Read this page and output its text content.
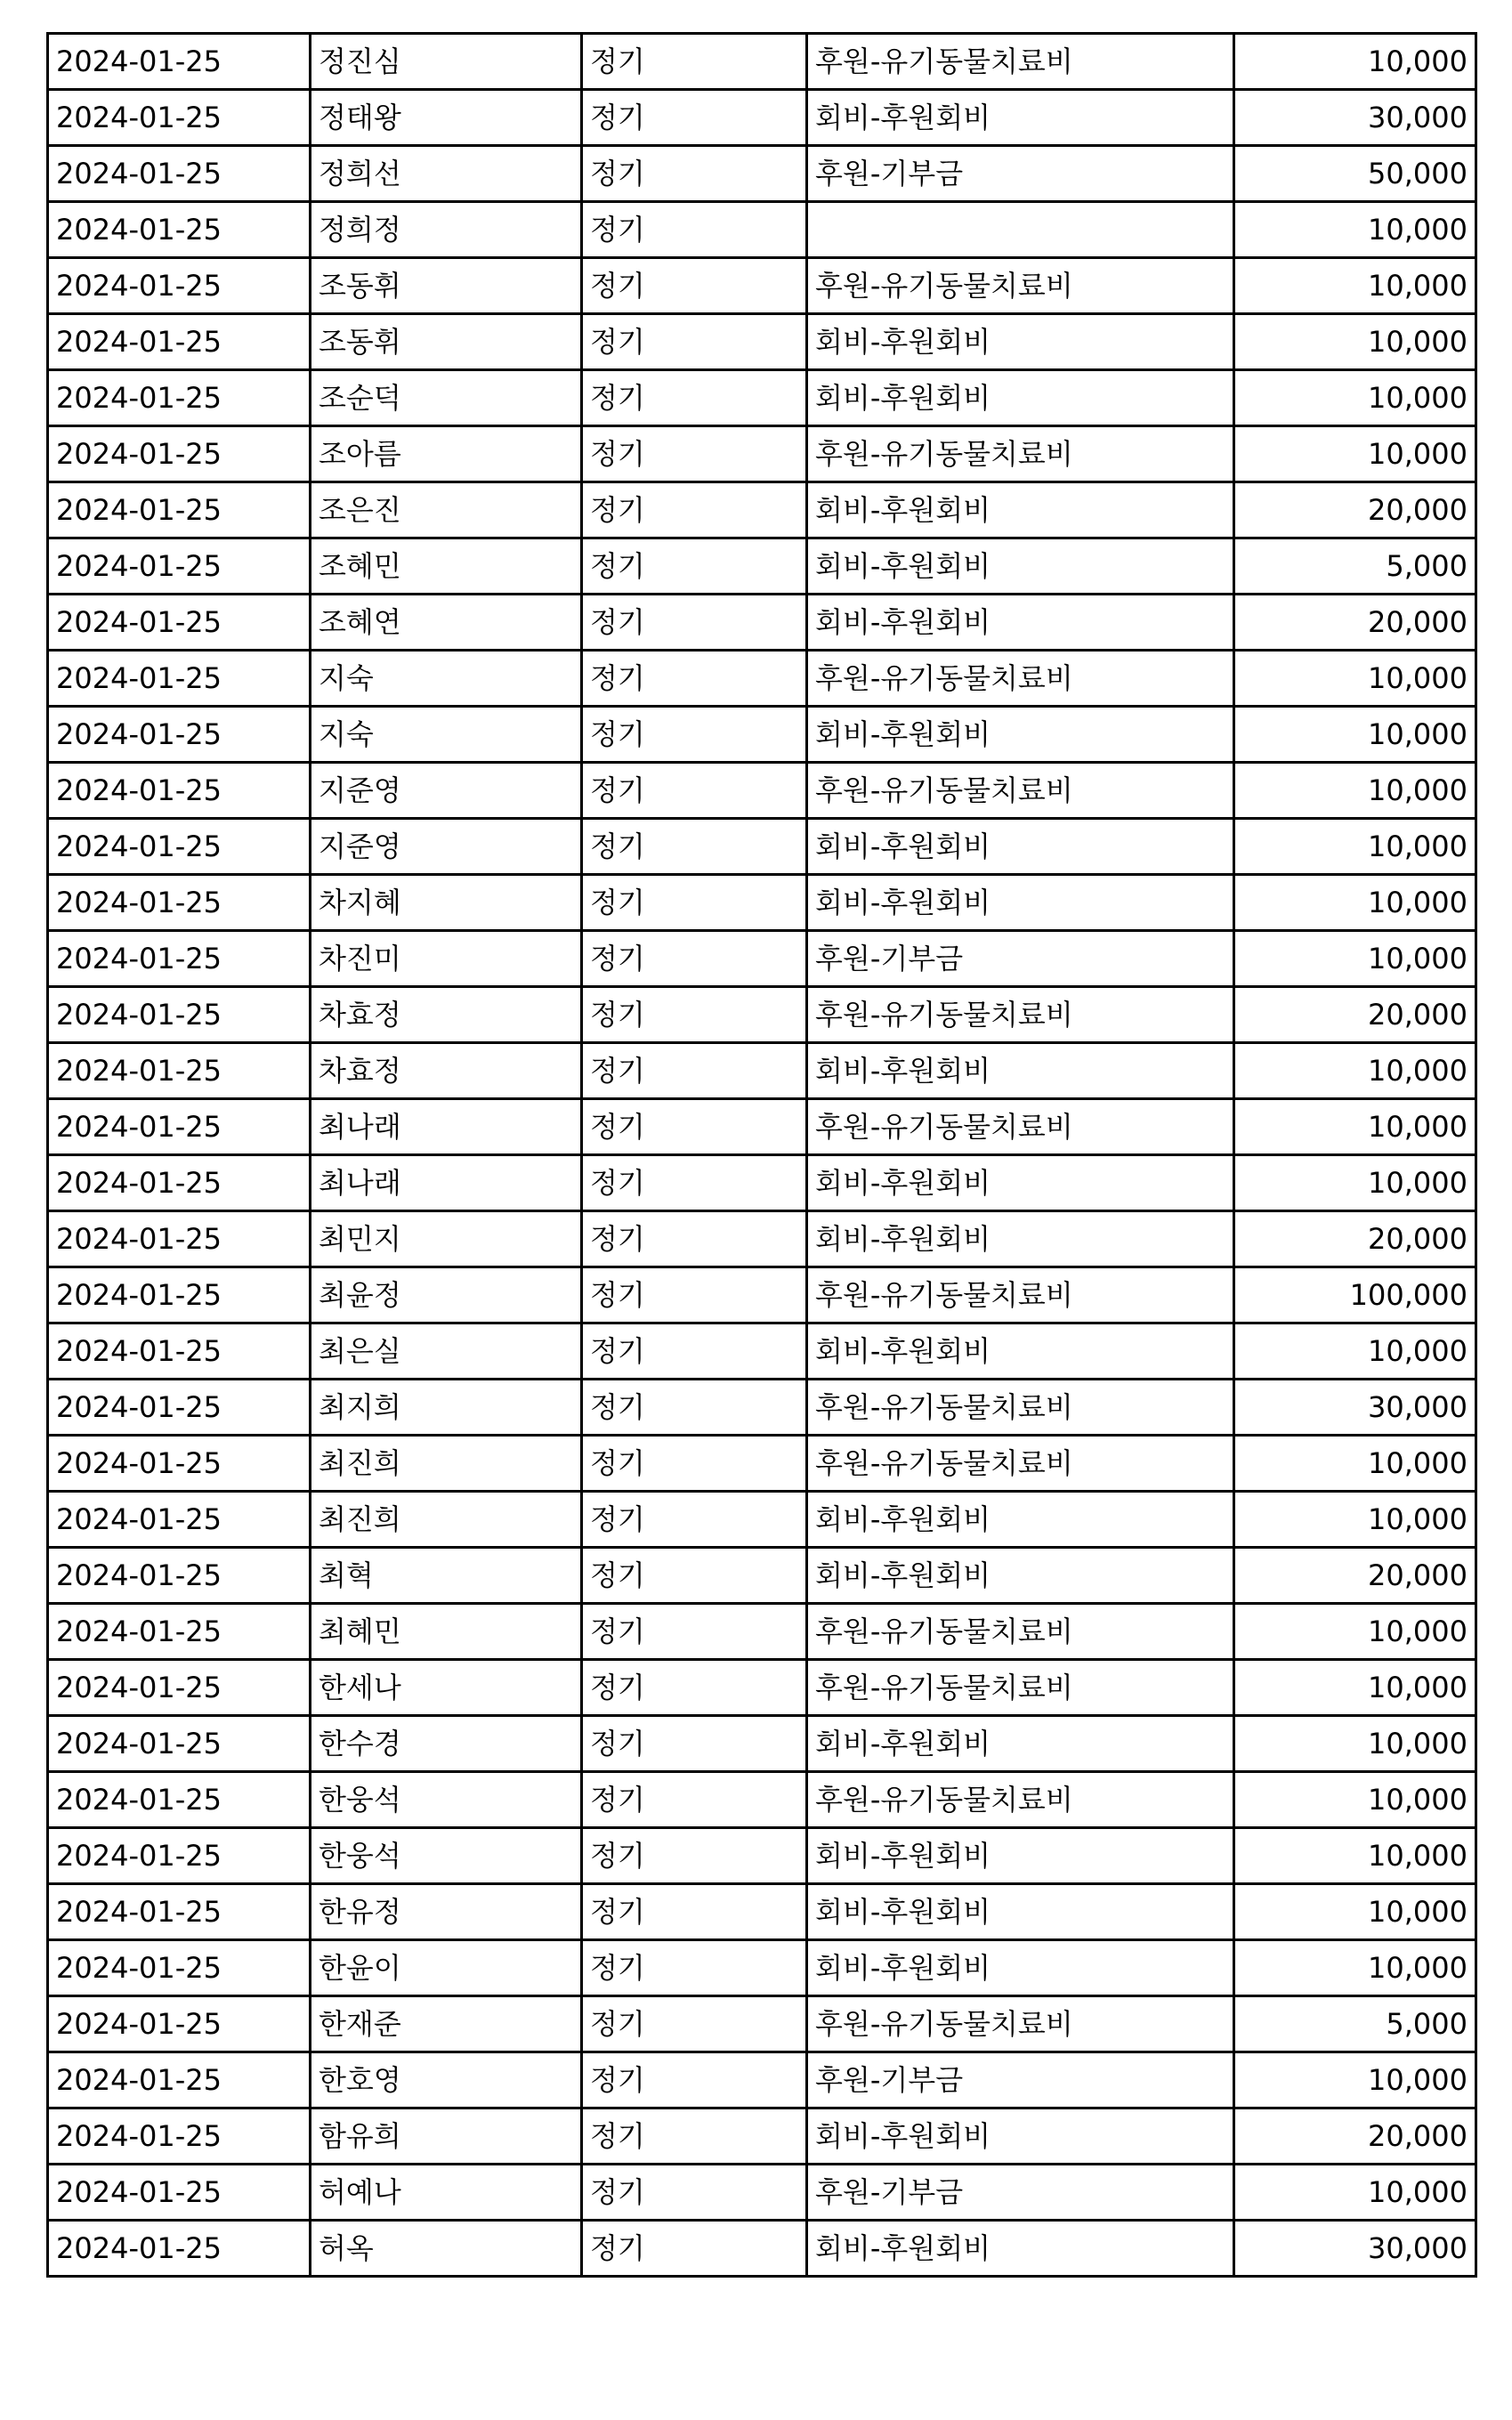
2024-01-25	정진심	정기	후원-유기동물치료비	10,000
2024-01-25	정태왕	정기	회비-후원회비	30,000
2024-01-25	정희선	정기	후원-기부금	50,000
2024-01-25	정희정	정기		10,000
2024-01-25	조동휘	정기	후원-유기동물치료비	10,000
2024-01-25	조동휘	정기	회비-후원회비	10,000
2024-01-25	조순덕	정기	회비-후원회비	10,000
2024-01-25	조아름	정기	후원-유기동물치료비	10,000
2024-01-25	조은진	정기	회비-후원회비	20,000
2024-01-25	조혜민	정기	회비-후원회비	5,000
2024-01-25	조혜연	정기	회비-후원회비	20,000
2024-01-25	지숙	정기	후원-유기동물치료비	10,000
2024-01-25	지숙	정기	회비-후원회비	10,000
2024-01-25	지준영	정기	후원-유기동물치료비	10,000
2024-01-25	지준영	정기	회비-후원회비	10,000
2024-01-25	차지혜	정기	회비-후원회비	10,000
2024-01-25	차진미	정기	후원-기부금	10,000
2024-01-25	차효정	정기	후원-유기동물치료비	20,000
2024-01-25	차효정	정기	회비-후원회비	10,000
2024-01-25	최나래	정기	후원-유기동물치료비	10,000
2024-01-25	최나래	정기	회비-후원회비	10,000
2024-01-25	최민지	정기	회비-후원회비	20,000
2024-01-25	최윤정	정기	후원-유기동물치료비	100,000
2024-01-25	최은실	정기	회비-후원회비	10,000
2024-01-25	최지희	정기	후원-유기동물치료비	30,000
2024-01-25	최진희	정기	후원-유기동물치료비	10,000
2024-01-25	최진희	정기	회비-후원회비	10,000
2024-01-25	최혁	정기	회비-후원회비	20,000
2024-01-25	최혜민	정기	후원-유기동물치료비	10,000
2024-01-25	한세나	정기	후원-유기동물치료비	10,000
2024-01-25	한수경	정기	회비-후원회비	10,000
2024-01-25	한웅석	정기	후원-유기동물치료비	10,000
2024-01-25	한웅석	정기	회비-후원회비	10,000
2024-01-25	한유정	정기	회비-후원회비	10,000
2024-01-25	한윤이	정기	회비-후원회비	10,000
2024-01-25	한재준	정기	후원-유기동물치료비	5,000
2024-01-25	한호영	정기	후원-기부금	10,000
2024-01-25	함유희	정기	회비-후원회비	20,000
2024-01-25	허예나	정기	후원-기부금	10,000
2024-01-25	허옥	정기	회비-후원회비	30,000
